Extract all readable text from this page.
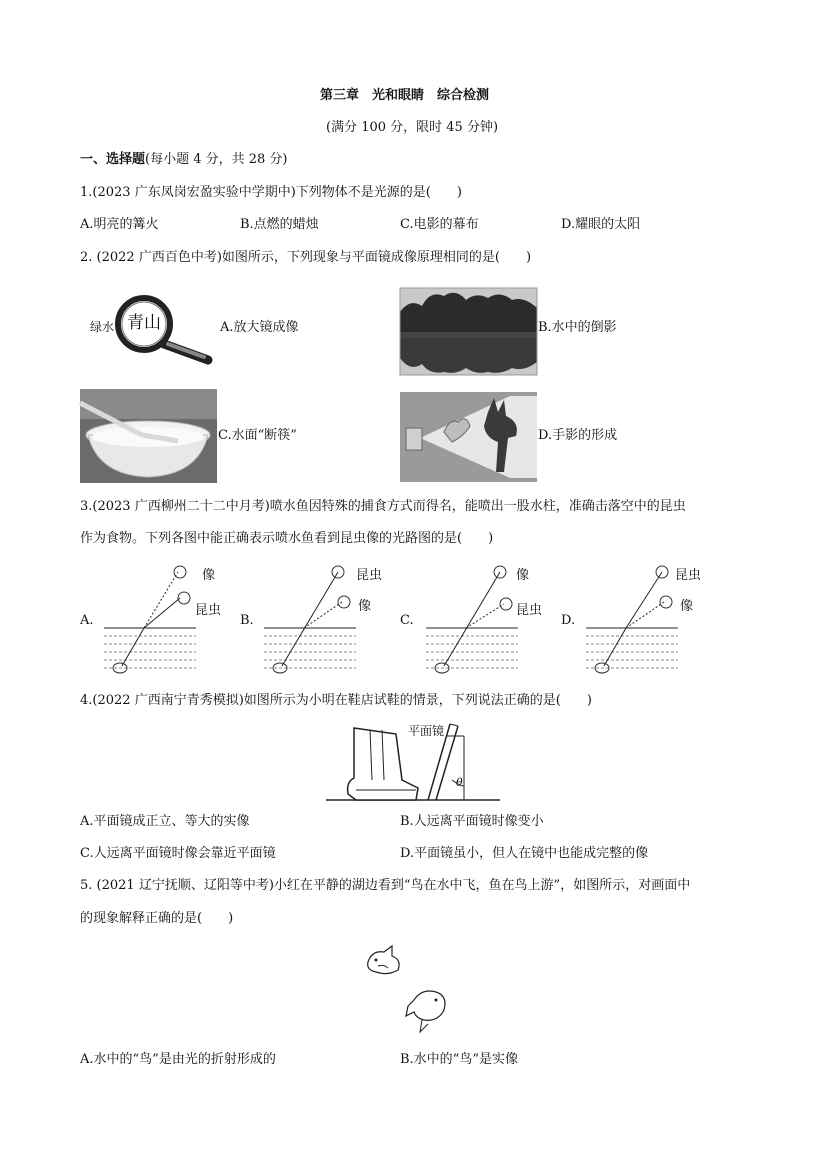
第三章　光和眼睛　综合检测
(满分 100 分，限时 45 分钟)
一、选择题(每小题 4 分，共 28 分)
1.(2023 广东凤岗宏盈实验中学期中)下列物体不是光源的是(　　)
A.明亮的篝火	B.点燃的蜡烛	C.电影的幕布	D.耀眼的太阳
2. (2022 广西百色中考)如图所示，下列现象与平面镜成像原理相同的是(　　)
绿水 青山	A.放大镜成像	B.水中的倒影
C.水面“断筷”	D.手影的形成
3.(2023 广西柳州二十二中月考)喷水鱼因特殊的捕食方式而得名，能喷出一股水柱，准确击落空中的昆虫
作为食物。下列各图中能正确表示喷水鱼看到昆虫像的光路图的是(　　)
A.
像
昆虫
B.
昆虫
像
C.
像
昆虫
D.
昆虫
像
4.(2022 广西南宁青秀模拟)如图所示为小明在鞋店试鞋的情景，下列说法正确的是(　　)
平面镜
θ
A.平面镜成正立、等大的实像	B.人远离平面镜时像变小
C.人远离平面镜时像会靠近平面镜	D.平面镜虽小，但人在镜中也能成完整的像
5. (2021 辽宁抚顺、辽阳等中考)小红在平静的湖边看到“鸟在水中飞，鱼在鸟上游”，如图所示，对画面中
的现象解释正确的是(　　)
A.水中的“鸟”是由光的折射形成的	B.水中的“鸟”是实像
